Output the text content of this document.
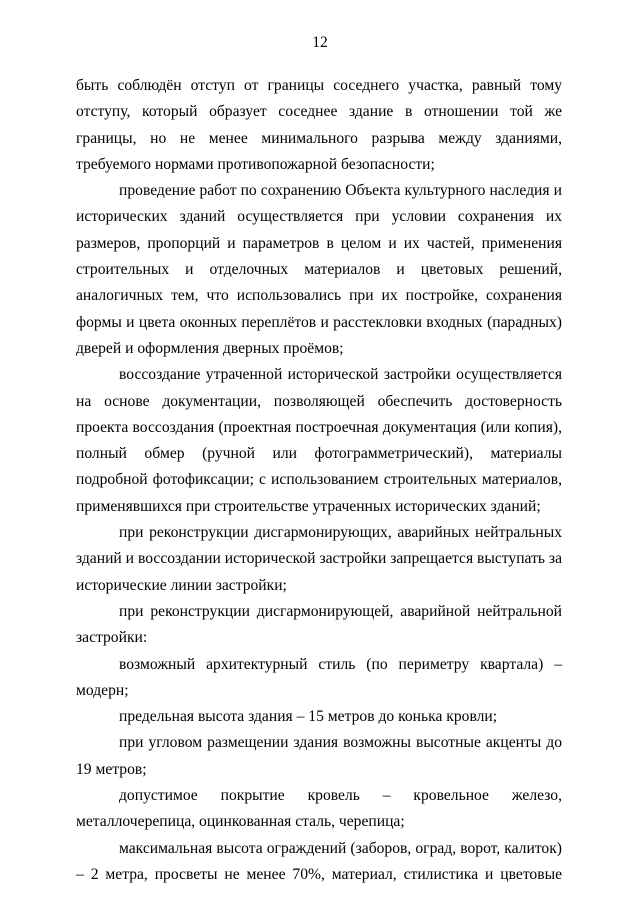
12

быть соблюдён отступ от границы соседнего участка, равный тому отступу, который образует соседнее здание в отношении той же границы, но не менее минимального разрыва между зданиями, требуемого нормами противопожарной безопасности;

проведение работ по сохранению Объекта культурного наследия и исторических зданий осуществляется при условии сохранения их размеров, пропорций и параметров в целом и их частей, применения строительных и отделочных материалов и цветовых решений, аналогичных тем, что использовались при их постройке, сохранения формы и цвета оконных переплётов и расстекловки входных (парадных) дверей и оформления дверных проёмов;

воссоздание утраченной исторической застройки осуществляется на основе документации, позволяющей обеспечить достоверность проекта воссоздания (проектная построечная документация (или копия), полный обмер (ручной или фотограмметрический), материалы подробной фотофиксации; с использованием строительных материалов, применявшихся при строительстве утраченных исторических зданий;

при реконструкции дисгармонирующих, аварийных нейтральных зданий и воссоздании исторической застройки запрещается выступать за исторические линии застройки;

при реконструкции дисгармонирующей, аварийной нейтральной застройки:

возможный архитектурный стиль (по периметру квартала) – модерн;

предельная высота здания – 15 метров до конька кровли;

при угловом размещении здания возможны высотные акценты до 19 метров;

допустимое покрытие кровель – кровельное железо, металлочерепица, оцинкованная сталь, черепица;

максимальная высота ограждений (заборов, оград, ворот, калиток) – 2 метра, просветы не менее 70%, материал, стилистика и цветовые
